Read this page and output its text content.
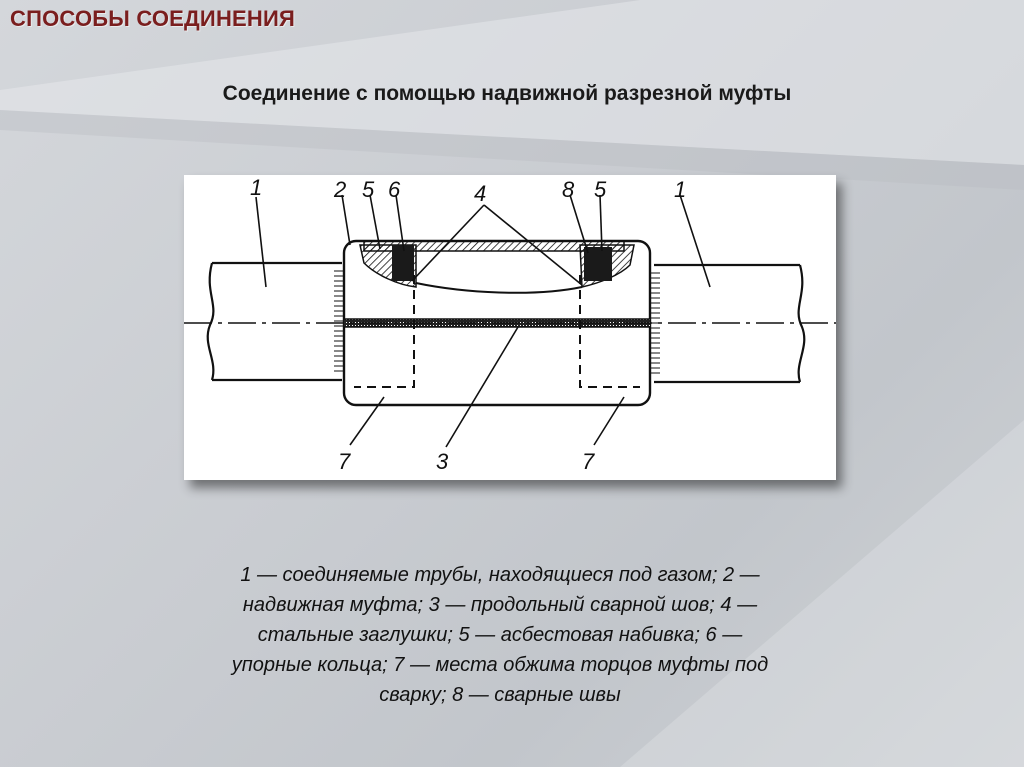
СПОСОБЫ СОЕДИНЕНИЯ
Соединение с помощью надвижной разрезной муфты
1	2 5 6	4	8 5	1
7	3	7
1 — соединяемые трубы, находящиеся под газом; 2 —
надвижная муфта; 3 — продольный сварной шов; 4 —
стальные заглушки; 5 — асбестовая набивка; 6 —
упорные кольца; 7 — места обжима торцов муфты под
сварку; 8 — сварные швы
